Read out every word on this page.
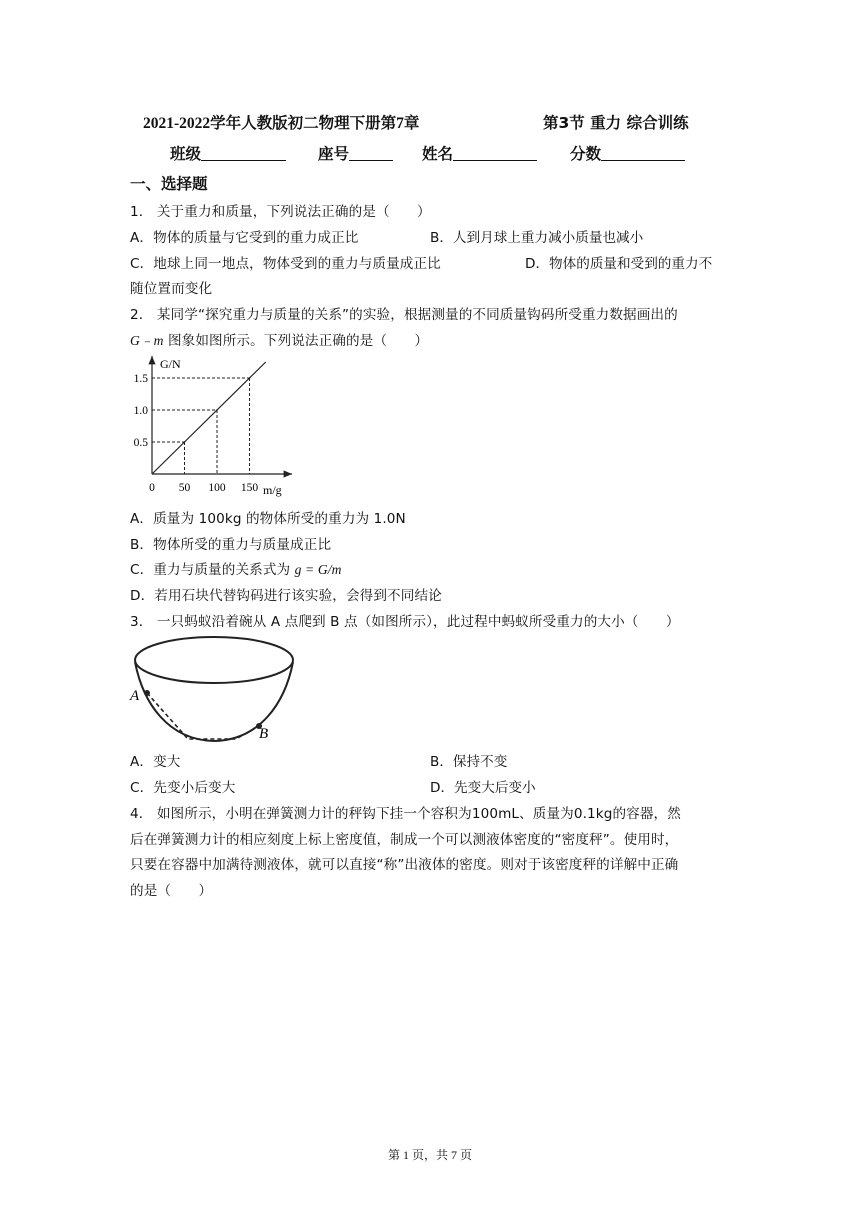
2021-2022学年人教版初二物理下册第7章	第3节 重力 综合训练
班级	座号	姓名	分数
一、选择题
1． 关于重力和质量，下列说法正确的是（　　）
A．物体的质量与它受到的重力成正比	B．人到月球上重力减小质量也减小
C．地球上同一地点，物体受到的重力与质量成正比	D．物体的质量和受到的重力不
随位置而变化
2． 某同学“探究重力与质量的关系”的实验，根据测量的不同质量钩码所受重力数据画出的
G﹣m 图象如图所示。下列说法正确的是（　　）
0 50 100 150
0.5
1.0
1.5
G/N
m/g
A．质量为 100kg 的物体所受的重力为 1.0N
B．物体所受的重力与质量成正比
C．重力与质量的关系式为 g = G/m
D．若用石块代替钩码进行该实验，会得到不同结论
3． 一只蚂蚁沿着碗从 A 点爬到 B 点（如图所示），此过程中蚂蚁所受重力的大小（　　）
A
B
A．变大	B．保持不变
C．先变小后变大	D．先变大后变小
4． 如图所示，小明在弹簧测力计的秤钩下挂一个容积为100mL、质量为0.1kg的容器，然
后在弹簧测力计的相应刻度上标上密度值，制成一个可以测液体密度的“密度秤”。使用时，
只要在容器中加满待测液体，就可以直接“称”出液体的密度。则对于该密度秤的详解中正确
的是（　　）
第 1 页，共 7 页
